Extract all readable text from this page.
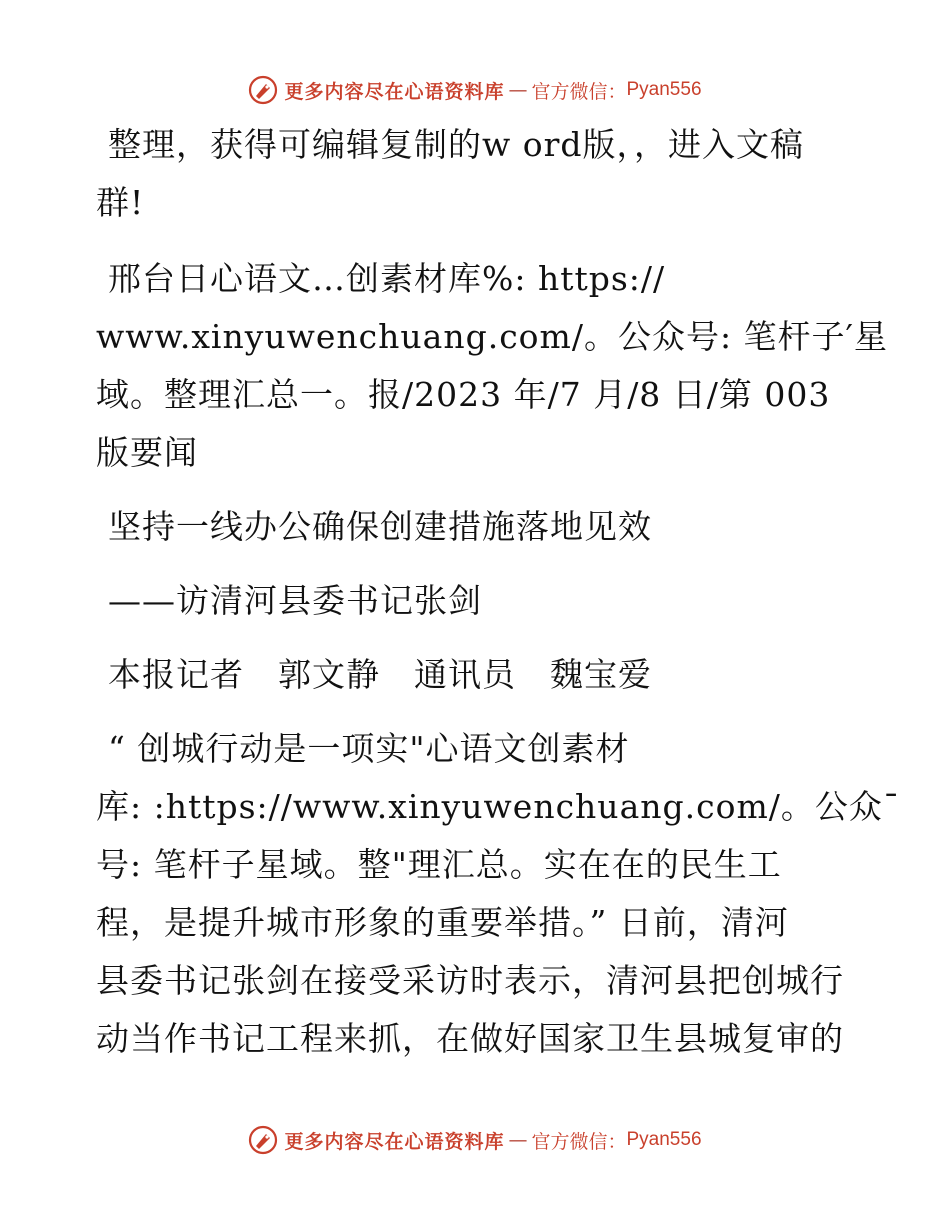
更多内容尽在心语资料库 — 官方微信： Pyan556
整理，获得可编辑复制的w ord版，，进入文稿
群!
邢台日心语文…创素材库%: https://
www.xinyuwenchuang.com/。公众号: 笔杆子′星
域。整理汇总一。报/2023 年/7 月/8 日/第 003
版要闻
坚持一线办公确保创建措施落地见效
——访清河县委书记张剑
本报记者　郭文静　通讯员　魏宝爱
“ 创城行动是一项实"心语文创素材
库: :https://www.xinyuwenchuang.com/。公众¯
号: 笔杆子星域。整"理汇总。实在在的民生工
程，是提升城市形象的重要举措。” 日前，清河
县委书记张剑在接受采访时表示，清河县把创城行
动当作书记工程来抓，在做好国家卫生县城复审的
更多内容尽在心语资料库 — 官方微信： Pyan556
